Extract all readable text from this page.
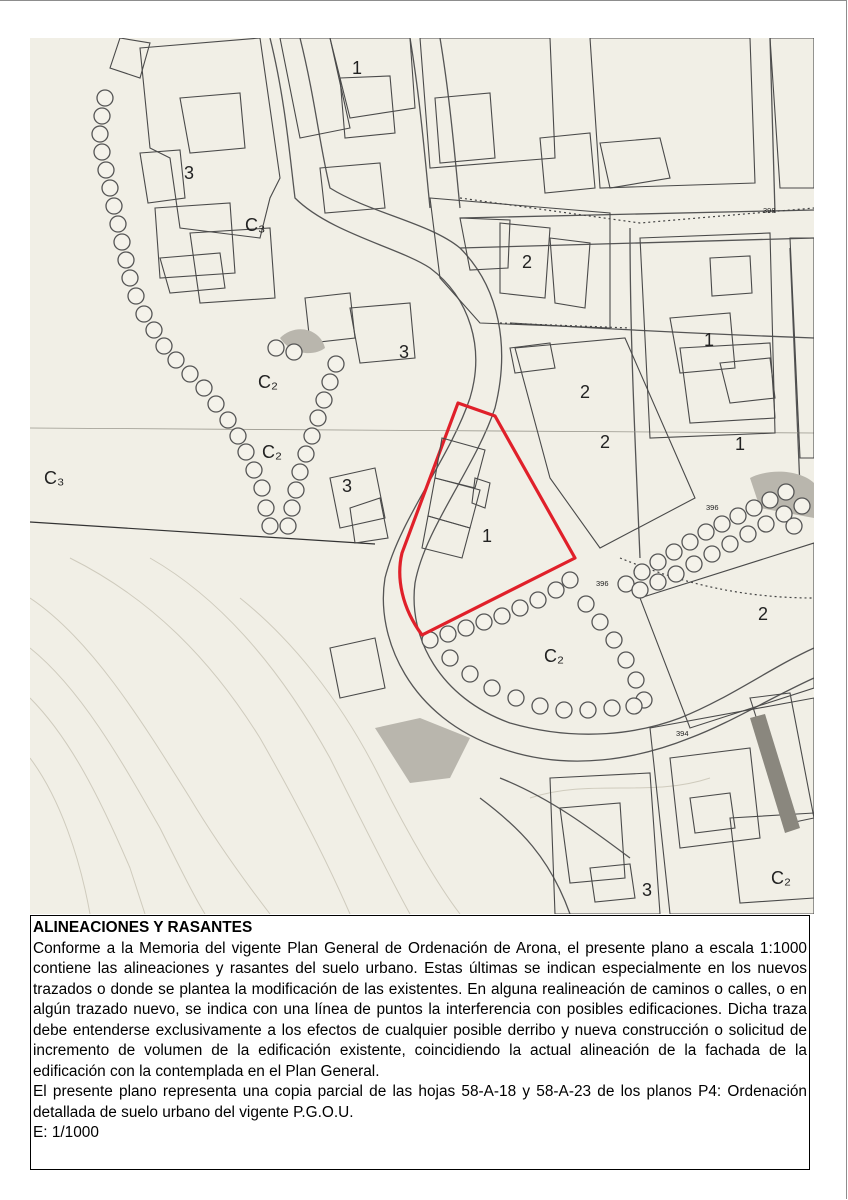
C₃
C₂
C₂
C₃
C₂
C₂
3
3
3
3
1
2
2
2
1
1
1
2
398
396
396
394
ALINEACIONES Y RASANTES
Conforme a la Memoria del vigente Plan General de Ordenación de Arona, el presente plano a escala 1:1000 contiene las alineaciones y rasantes del suelo urbano. Estas últimas se indican especialmente en los nuevos trazados o donde se plantea la modificación de las existentes. En alguna realineación de caminos o calles, o en algún trazado nuevo, se indica con una línea de puntos la interferencia con posibles edificaciones. Dicha traza debe entenderse exclusivamente a los efectos de cualquier posible derribo y nueva construcción o solicitud de incremento de volumen de la edificación existente, coincidiendo la actual alineación de la fachada de la edificación con la contemplada en el Plan General.
El presente plano representa una copia parcial de las hojas 58-A-18 y 58-A-23 de los planos P4: Ordenación detallada de suelo urbano del vigente P.G.O.U.
E: 1/1000
